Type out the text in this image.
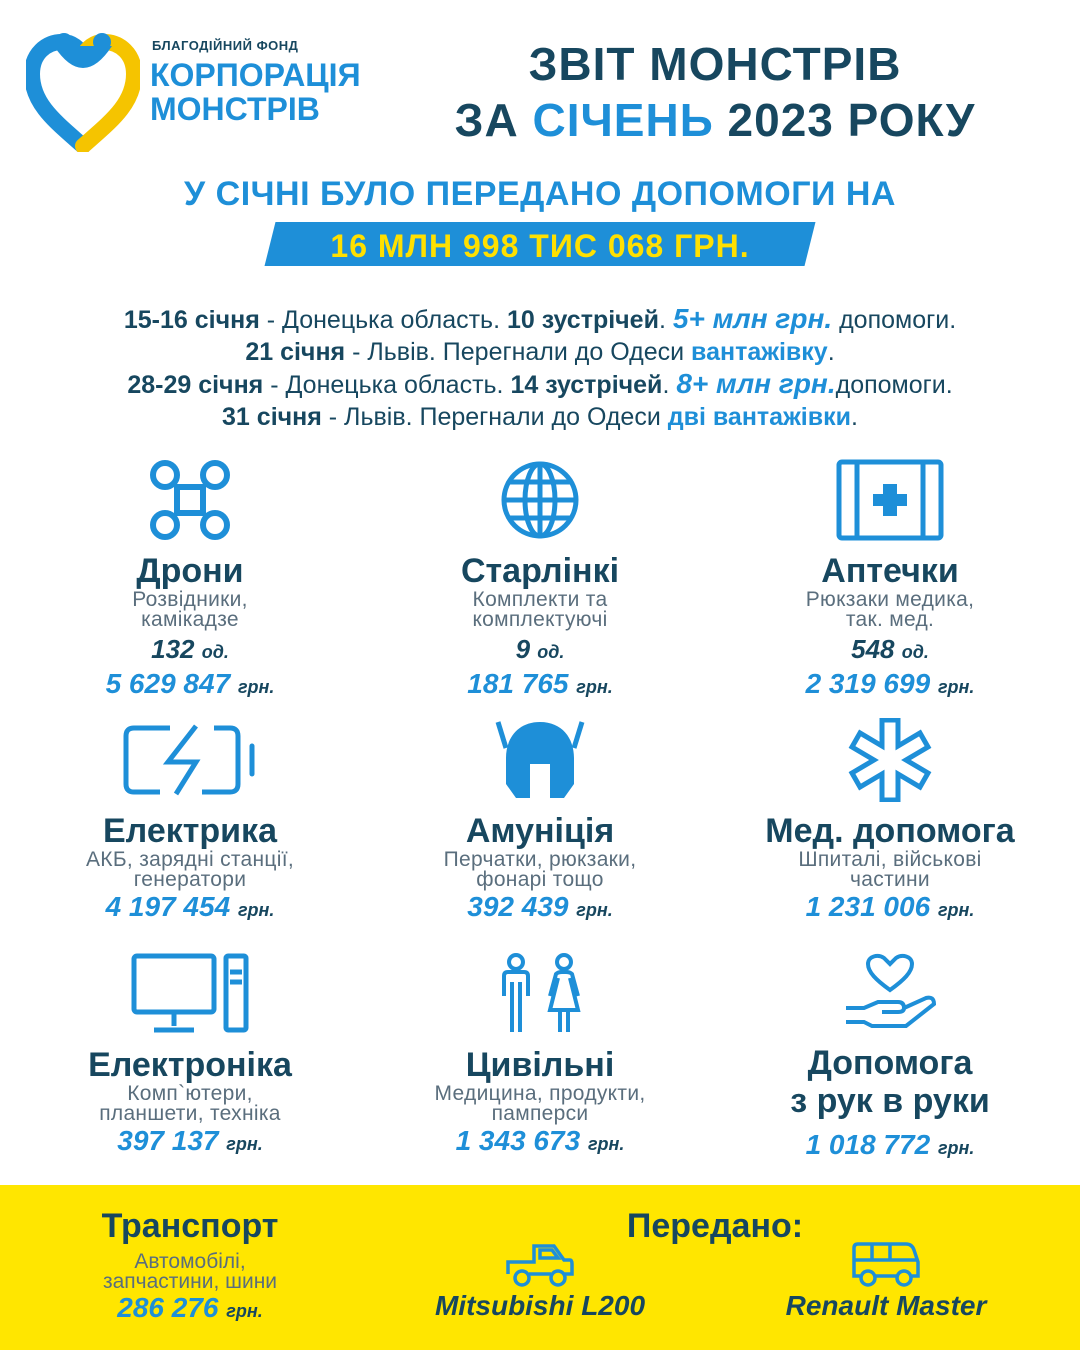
БЛАГОДІЙНИЙ ФОНД
КОРПОРАЦІЯ
МОНСТРІВ
ЗВІТ МОНСТРІВ
ЗА СІЧЕНЬ 2023 РОКУ
У СІЧНІ БУЛО ПЕРЕДАНО ДОПОМОГИ НА
16 МЛН 998 ТИС 068 ГРН.
15-16 січня - Донецька область. 10 зустрічей. 5+ млн грн. допомоги.
21 січня - Львів. Перегнали до Одеси вантажівку.
28-29 січня - Донецька область. 14 зустрічей. 8+ млн грн.допомоги.
31 січня - Львів. Перегнали до Одеси дві вантажівки.
Дрони
Розвідники,
камікадзе
132 од.
5 629 847 грн.
Старлінкі
Комплекти та
комплектуючі
9 од.
181 765 грн.
Аптечки
Рюкзаки медика,
так. мед.
548 од.
2 319 699 грн.
Електрика
АКБ, зарядні станції,
генератори
4 197 454 грн.
Амуніція
Перчатки, рюкзаки,
фонарі тощо
392 439 грн.
Мед. допомога
Шпиталі, військові
частини
1 231 006 грн.
Електроніка
Комп`ютери,
планшети, техніка
397 137 грн.
Цивільні
Медицина, продукти,
памперси
1 343 673 грн.
Допомога
з рук в руки
1 018 772 грн.
Транспорт
Автомобілі,
запчастини, шини
286 276 грн.
Передано:
Mitsubishi L200	Renault Master
